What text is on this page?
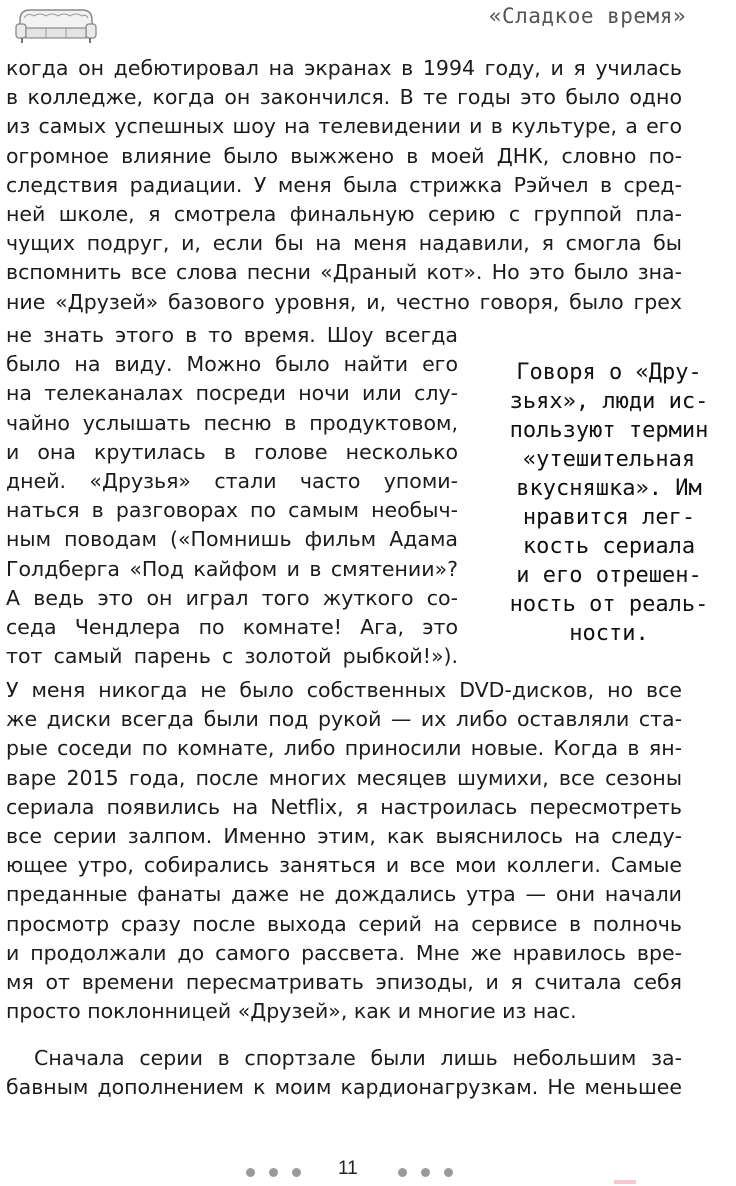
«Сладкое время»
когда он дебютировал на экранах в 1994 году, и я училась
в колледже, когда он закончился. В те годы это было одно
из самых успешных шоу на телевидении и в культуре, а его
огромное влияние было выжжено в моей ДНК, словно по-
следствия радиации. У меня была стрижка Рэйчел в сред-
ней школе, я смотрела финальную серию с группой пла-
чущих подруг, и, если бы на меня надавили, я смогла бы
вспомнить все слова песни «Драный кот». Но это было зна-
ние «Друзей» базового уровня, и, честно говоря, было грех
не знать этого в то время. Шоу всегда
было на виду. Можно было найти его
на телеканалах посреди ночи или слу-
чайно услышать песню в продуктовом,
и она крутилась в голове несколько
дней. «Друзья» стали часто упоми-
наться в разговорах по самым необыч-
ным поводам («Помнишь фильм Адама
Голдберга «Под кайфом и в смятении»?
А ведь это он играл того жуткого со-
седа Чендлера по комнате! Ага, это
тот самый парень с золотой рыбкой!»).
Говоря о «Дру-
зьях», люди ис-
пользуют термин
«утешительная
вкусняшка». Им
нравится лег-
кость сериала
и его отрешен-
ность от реаль-
ности.
У меня никогда не было собственных DVD-дисков, но все
же диски всегда были под рукой — их либо оставляли ста-
рые соседи по комнате, либо приносили новые. Когда в ян-
варе 2015 года, после многих месяцев шумихи, все сезоны
сериала появились на Netflix, я настроилась пересмотреть
все серии залпом. Именно этим, как выяснилось на следу-
ющее утро, собирались заняться и все мои коллеги. Самые
преданные фанаты даже не дождались утра — они начали
просмотр сразу после выхода серий на сервисе в полночь
и продолжали до самого рассвета. Мне же нравилось вре-
мя от времени пересматривать эпизоды, и я считала себя
просто поклонницей «Друзей», как и многие из нас.
Сначала серии в спортзале были лишь небольшим за-
бавным дополнением к моим кардионагрузкам. Не меньшее
11
